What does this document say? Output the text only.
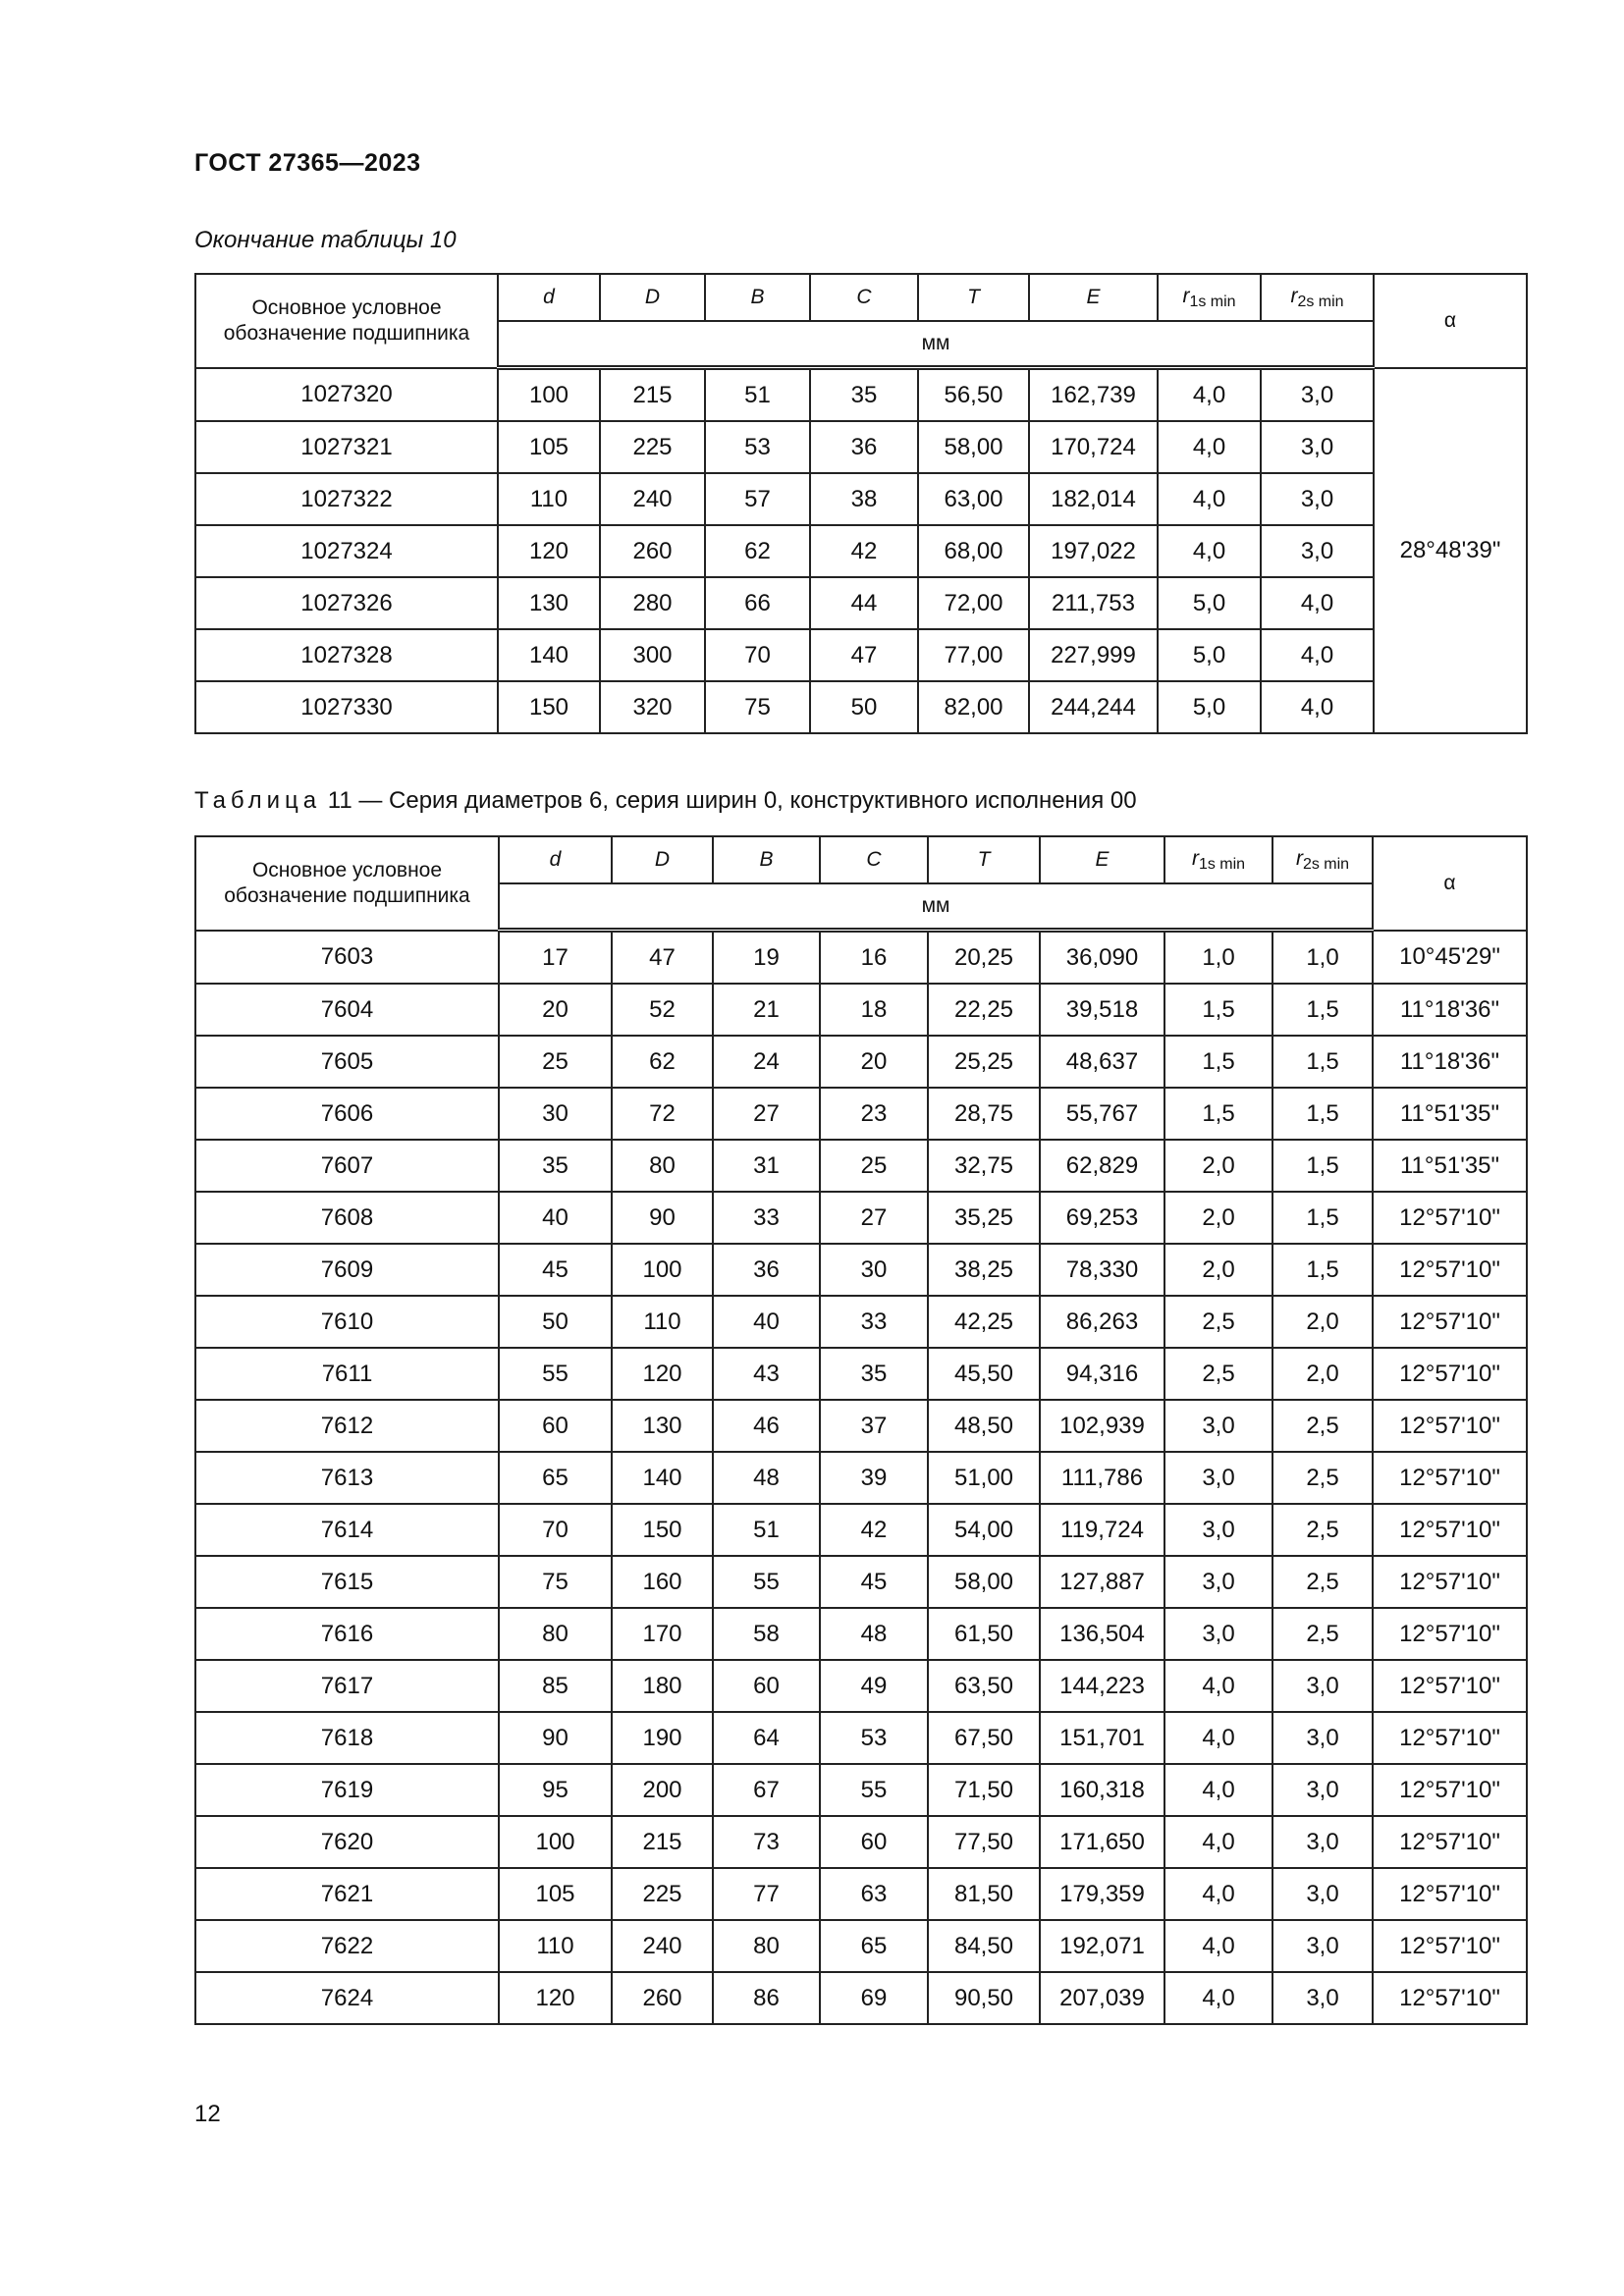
ГОСТ 27365—2023
Окончание таблицы 10
Основное условное обозначение подшипника	d	D	B	C	T	E	$r_{1s min}$	$r_{2s min}$	α
	мм								
1027320	100	215	51	35	56,50	162,739	4,0	3,0	28°48'39"
1027321	105	225	53	36	58,00	170,724	4,0	3,0	
1027322	110	240	57	38	63,00	182,014	4,0	3,0	
1027324	120	260	62	42	68,00	197,022	4,0	3,0	
1027326	130	280	66	44	72,00	211,753	5,0	4,0	
1027328	140	300	70	47	77,00	227,999	5,0	4,0	
1027330	150	320	75	50	82,00	244,244	5,0	4,0	
Таблица 11 — Серия диаметров 6, серия ширин 0, конструктивного исполнения 00
Основное условное обозначение подшипника	d	D	B	C	T	E	$r_{1s min}$	$r_{2s min}$	α
	мм								
7603	17	47	19	16	20,25	36,090	1,0	1,0	10°45'29"
7604	20	52	21	18	22,25	39,518	1,5	1,5	11°18'36"
7605	25	62	24	20	25,25	48,637	1,5	1,5	11°18'36"
7606	30	72	27	23	28,75	55,767	1,5	1,5	11°51'35"
7607	35	80	31	25	32,75	62,829	2,0	1,5	11°51'35"
7608	40	90	33	27	35,25	69,253	2,0	1,5	12°57'10"
7609	45	100	36	30	38,25	78,330	2,0	1,5	12°57'10"
7610	50	110	40	33	42,25	86,263	2,5	2,0	12°57'10"
7611	55	120	43	35	45,50	94,316	2,5	2,0	12°57'10"
7612	60	130	46	37	48,50	102,939	3,0	2,5	12°57'10"
7613	65	140	48	39	51,00	111,786	3,0	2,5	12°57'10"
7614	70	150	51	42	54,00	119,724	3,0	2,5	12°57'10"
7615	75	160	55	45	58,00	127,887	3,0	2,5	12°57'10"
7616	80	170	58	48	61,50	136,504	3,0	2,5	12°57'10"
7617	85	180	60	49	63,50	144,223	4,0	3,0	12°57'10"
7618	90	190	64	53	67,50	151,701	4,0	3,0	12°57'10"
7619	95	200	67	55	71,50	160,318	4,0	3,0	12°57'10"
7620	100	215	73	60	77,50	171,650	4,0	3,0	12°57'10"
7621	105	225	77	63	81,50	179,359	4,0	3,0	12°57'10"
7622	110	240	80	65	84,50	192,071	4,0	3,0	12°57'10"
7624	120	260	86	69	90,50	207,039	4,0	3,0	12°57'10"
12
